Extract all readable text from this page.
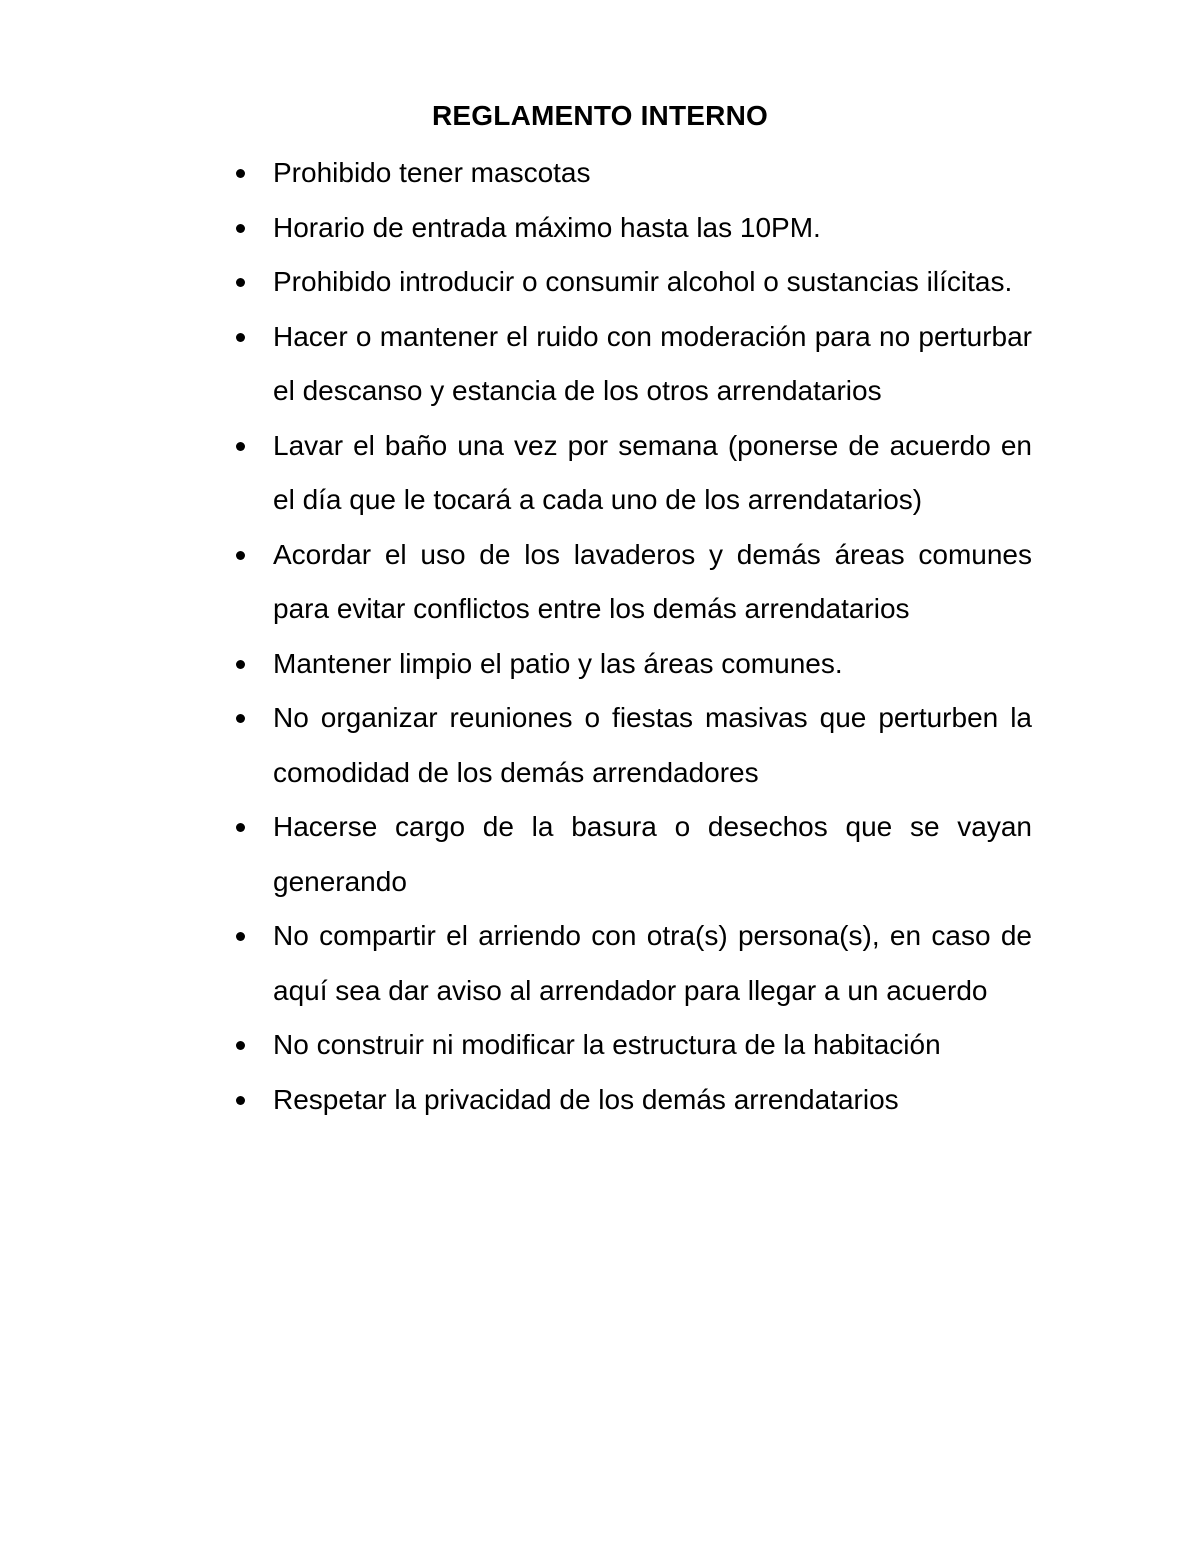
REGLAMENTO INTERNO
Prohibido tener mascotas
Horario de entrada máximo hasta las 10PM.
Prohibido introducir o consumir alcohol o sustancias ilícitas.
Hacer o mantener el ruido con moderación para no perturbar el descanso y estancia de los otros arrendatarios
Lavar el baño una vez por semana (ponerse de acuerdo en el día que le tocará a cada uno de los arrendatarios)
Acordar el uso de los lavaderos y demás áreas comunes para evitar conflictos entre los demás arrendatarios
Mantener limpio el patio y las áreas comunes.
No organizar reuniones o fiestas masivas que perturben la comodidad de los demás arrendadores
Hacerse cargo de la basura o desechos que se vayan generando
No compartir el arriendo con otra(s) persona(s), en caso de aquí sea dar aviso al arrendador para llegar a un acuerdo
No construir ni modificar la estructura de la habitación
Respetar la privacidad de los demás arrendatarios
